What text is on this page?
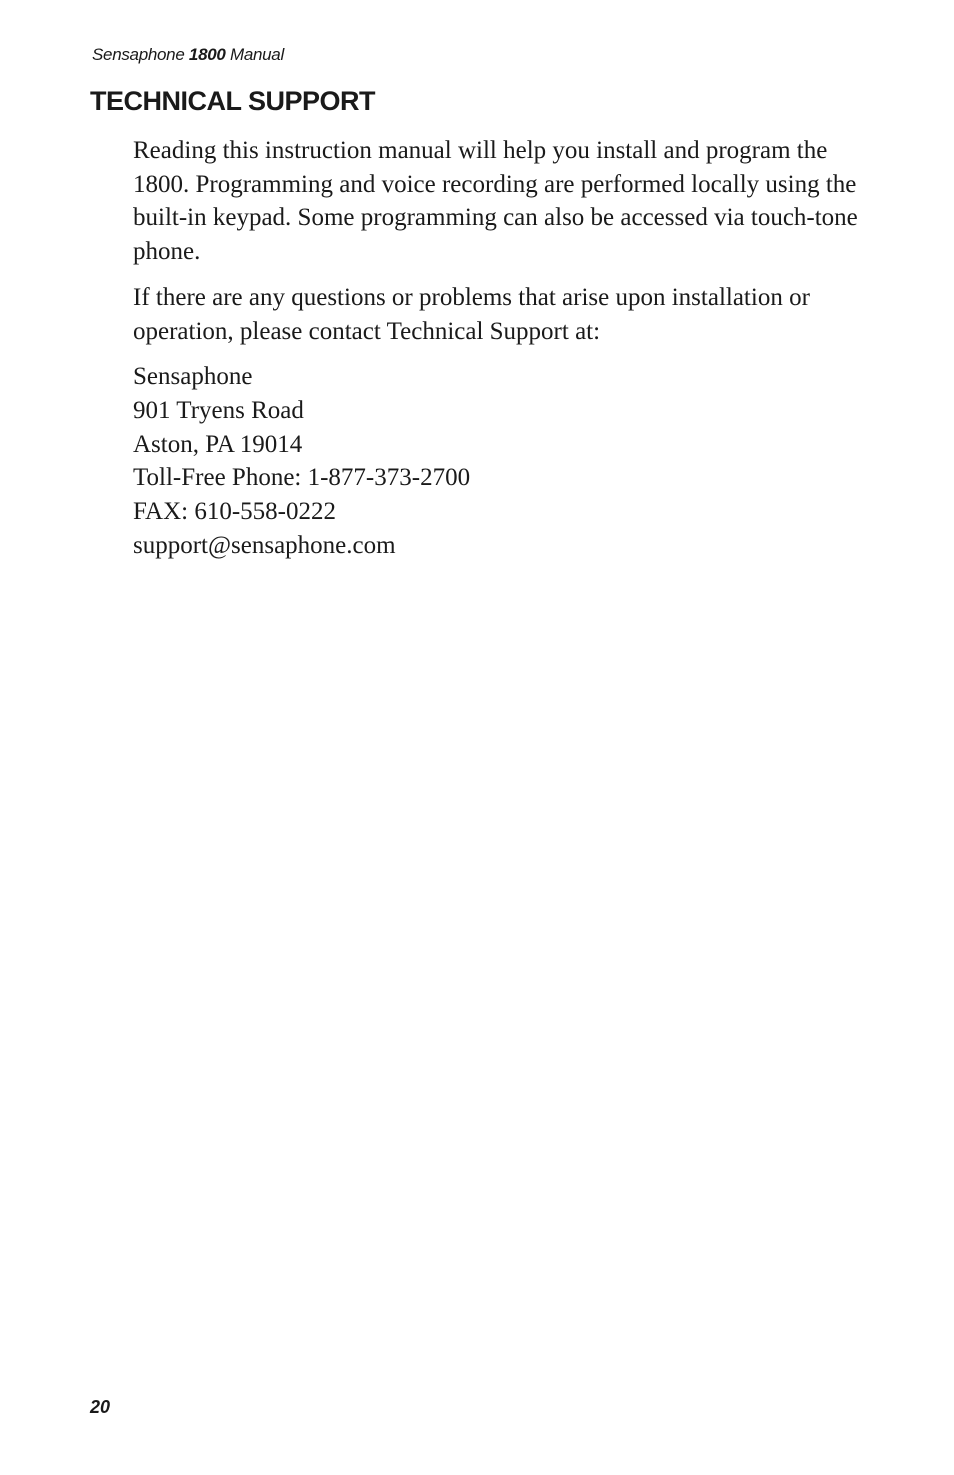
Sensaphone 1800 Manual
TECHNICAL SUPPORT

Reading this instruction manual will help you install and program the 1800. Programming and voice recording are performed locally using the built-in keypad. Some programming can also be accessed via touch-tone phone.

If there are any questions or problems that arise upon installation or operation, please contact Technical Support at:

Sensaphone
901 Tryens Road
Aston, PA 19014
Toll-Free Phone: 1-877-373-2700
FAX: 610-558-0222
support@sensaphone.com
20
